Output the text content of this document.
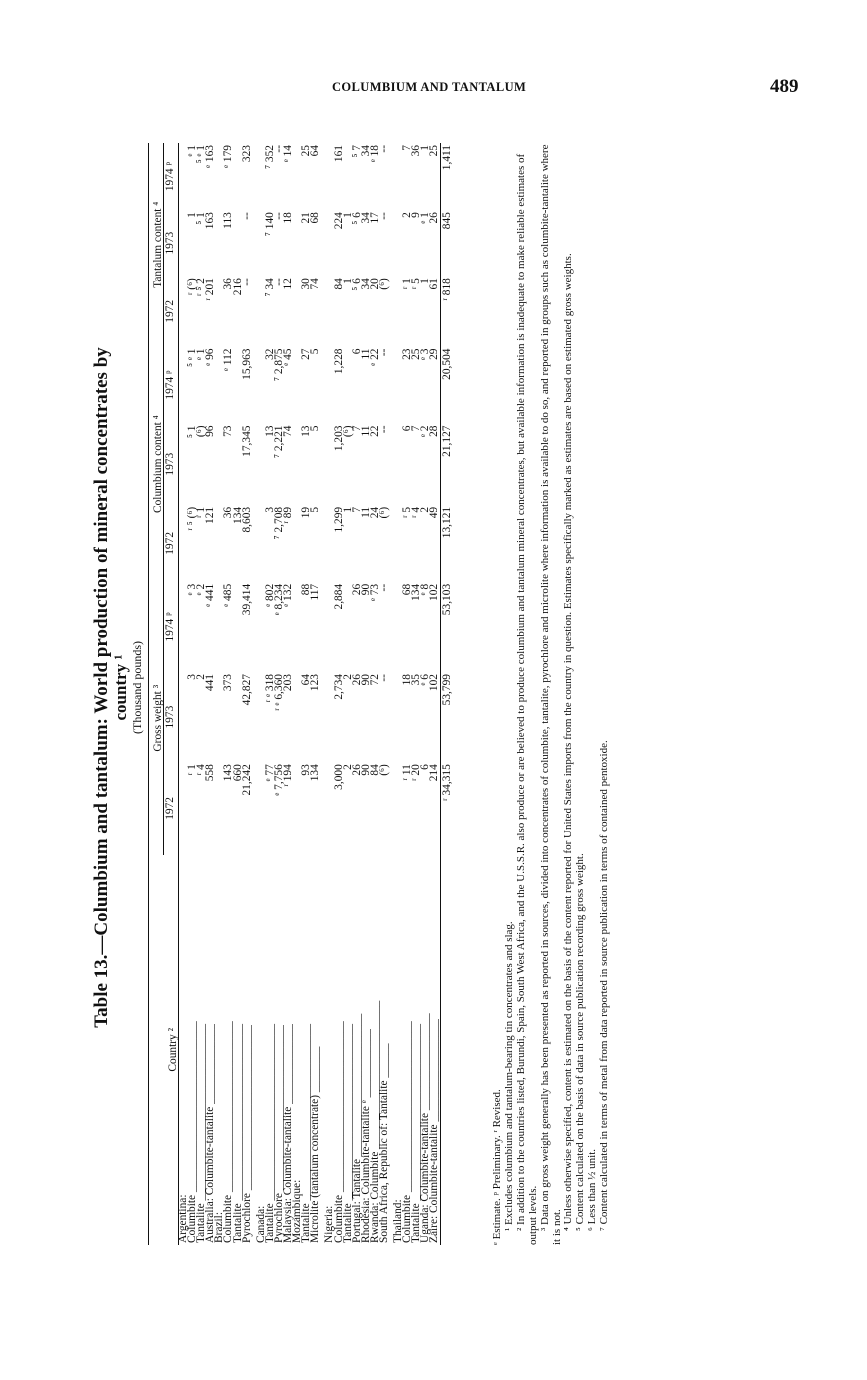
COLUMBIUM AND TANTALUM	489
Table 13.—Columbium and tantalum: World production of mineral concentrates by country ¹ (Thousand pounds)
Country ²	Gross weight ³			Columbium content ⁴			Tantalum content ⁴		
	1972	1973	1974 ᵖ	1972	1973	1974 ᵖ	1972	1973	1974 ᵖ
Argentina:									
Columbite ______________________________	ʳ 1	3	ᵉ 3	ʳ ⁵ (⁶)	⁵ 1	⁵ ᵉ 1	ʳ (⁶)	1	ᵉ 1
Tantalite _______________________________	ʳ 4	2	ᵉ 2	ʳ 1	(⁶)	ᵉ 1	ʳ ⁵ 2	⁵ 1	⁵ ᵉ 1
Australia: Columbite-tantalite ______________	558	441	ᵉ 441	121	96	ᵉ 96	ʳ 201	163	ᵉ 163
Brazil:									
Columbite ______________________________	143	373	ᵉ 485	36	73	ᵉ 112	36	113	ᵉ 179
Tantalite _______________________________	660			134			216		
Pyrochlore _____________________________	21,242	42,827	39,414	8,603	17,345	15,963	--	--	323

Canada:									
Tantalite _______________________________	ᵉ 77	ʳ ᵉ 318	ᵉ 802	3	13	32	⁷ 34	⁷ 140	⁷ 352
Pyrochlore _____________________________	ᵉ 7,756	ʳ ᵉ 6,360	ᵉ 8,234	⁷ 2,708	⁷ 2,221	⁷ 2,875	--	--	--
Malaysia: Columbite-tantalite ______________	ʳ 194	203	ᵉ 132	ʳ 89	74	ᵉ 45	12	18	ᵉ 14
Mozambique:									
Tantalite _______________________________	93	64	88	19	13	27	30	21	25
Microlite (tantalum concentrate) ________	134	123	117	5	5	5	74	68	64

Nigeria:									
Columbite ______________________________	3,000	2,734	2,884	1,299	1,203	1,228	84	224	161
Tantalite _______________________________	2	2		1	(⁶)		1	1	
Portugal: Tantalite _________________________	26	26	26	7	7	6	⁵ 6	⁵ 6	⁵ 7
Rhodesia: Columbite-tantalite ᵉ ____________	90	90	90	11	11	11	34	34	34
Rwanda: Columbite __________________________	84	72	ᵉ 73	24	22	ᵉ 22	20	17	ᵉ 18
South Africa, Republic of: Tantalite ______	(⁶)	--	--	(⁶)	--	--	(⁶)	--	--

Thailand:									
Columbite ______________________________	ʳ 11	18	68	ʳ 5	6	23	ʳ 1	2	7
Tantalite _______________________________	ʳ 20	35	134	ʳ 4	7	25	ʳ 5	9	36
Uganda: Columbite-tantalite _________________	6	ᵉ 6	ᵉ 8	2	ᵉ 2	ᵉ 3	1	ᵉ 1	1
Zaire: Columbite-tantalite __________________	214	102	102	49	28	29	61	26	25
	ʳ 34,315	53,799	53,103	13,121	21,127	20,504	ʳ 818	845	1,411
ᵉ Estimate. ᵖ Preliminary. ʳ Revised. ¹ Excludes columbium and tantalum-bearing tin concentrates and slag. ² In addition to the countries listed, Burundi, Spain, South West Africa, and the U.S.S.R. also produce or are believed to produce columbium and tantalum mineral concentrates, but available information is inadequate to make reliable estimates of output levels. ³ Data on gross weight generally has been presented as reported in sources, divided into concentrates of columbite, tantalite, pyrochlore and microlite where information is available to do so, and reported in groups such as columbite-tantalite where it is not. ⁴ Unless otherwise specified, content is estimated on the basis of the content reported for United States imports from the country in question. Estimates specifically marked as estimates are based on estimated gross weights. ⁵ Content calculated on the basis of data in source publication recording gross weight. ⁶ Less than ½ unit. ⁷ Content calculated in terms of metal from data reported in source publication in terms of contained pentoxide.
